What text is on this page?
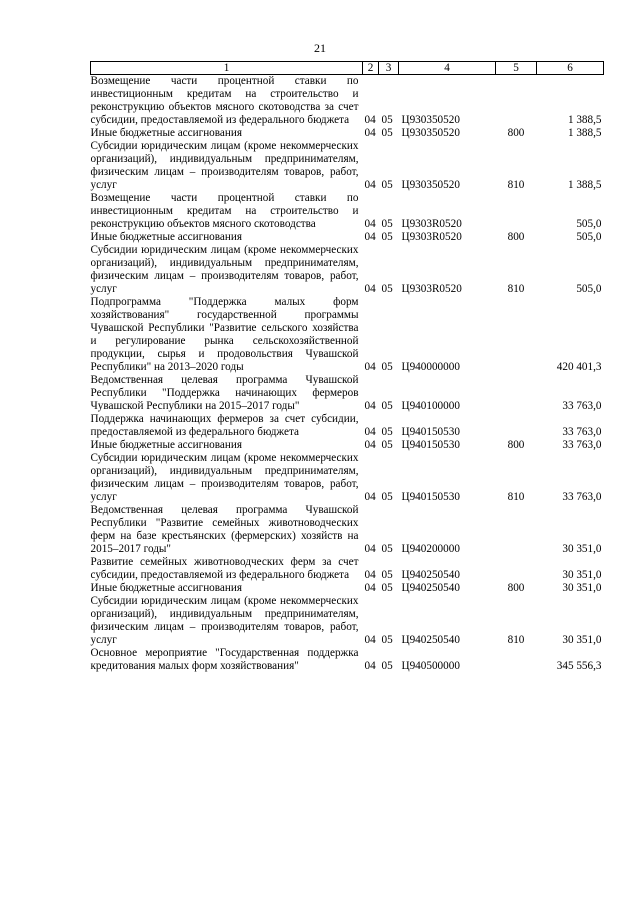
21
1	2	3	4	5	6
Возмещение части процентной ставки по инвестиционным кредитам на строительство и реконструкцию объектов мясного скотоводства за счет субсидии, предоставляемой из федерального бюджета	04	05	Ц930350520		1 388,5
Иные бюджетные ассигнования	04	05	Ц930350520	800	1 388,5
Субсидии юридическим лицам (кроме некоммерческих организаций), индивидуальным предпринимателям, физическим лицам – производителям товаров, работ, услуг	04	05	Ц930350520	810	1 388,5
Возмещение части процентной ставки по инвестиционным кредитам на строительство и реконструкцию объектов мясного скотоводства	04	05	Ц9303R0520		505,0
Иные бюджетные ассигнования	04	05	Ц9303R0520	800	505,0
Субсидии юридическим лицам (кроме некоммерческих организаций), индивидуальным предпринимателям, физическим лицам – производителям товаров, работ, услуг	04	05	Ц9303R0520	810	505,0
Подпрограмма "Поддержка малых форм хозяйствования" государственной программы Чувашской Республики "Развитие сельского хозяйства и регулирование рынка сельскохозяйственной продукции, сырья и продовольствия Чувашской Республики" на 2013–2020 годы	04	05	Ц940000000		420 401,3
Ведомственная целевая программа Чувашской Республики "Поддержка начинающих фермеров Чувашской Республики на 2015–2017 годы"	04	05	Ц940100000		33 763,0
Поддержка начинающих фермеров за счет субсидии, предоставляемой из федерального бюджета	04	05	Ц940150530		33 763,0
Иные бюджетные ассигнования	04	05	Ц940150530	800	33 763,0
Субсидии юридическим лицам (кроме некоммерческих организаций), индивидуальным предпринимателям, физическим лицам – производителям товаров, работ, услуг	04	05	Ц940150530	810	33 763,0
Ведомственная целевая программа Чувашской Республики "Развитие семейных животноводческих ферм на базе крестьянских (фермерских) хозяйств на 2015–2017 годы"	04	05	Ц940200000		30 351,0
Развитие семейных животноводческих ферм за счет субсидии, предоставляемой из федерального бюджета	04	05	Ц940250540		30 351,0
Иные бюджетные ассигнования	04	05	Ц940250540	800	30 351,0
Субсидии юридическим лицам (кроме некоммерческих организаций), индивидуальным предпринимателям, физическим лицам – производителям товаров, работ, услуг	04	05	Ц940250540	810	30 351,0
Основное мероприятие "Государственная поддержка кредитования малых форм хозяйствования"	04	05	Ц940500000		345 556,3
